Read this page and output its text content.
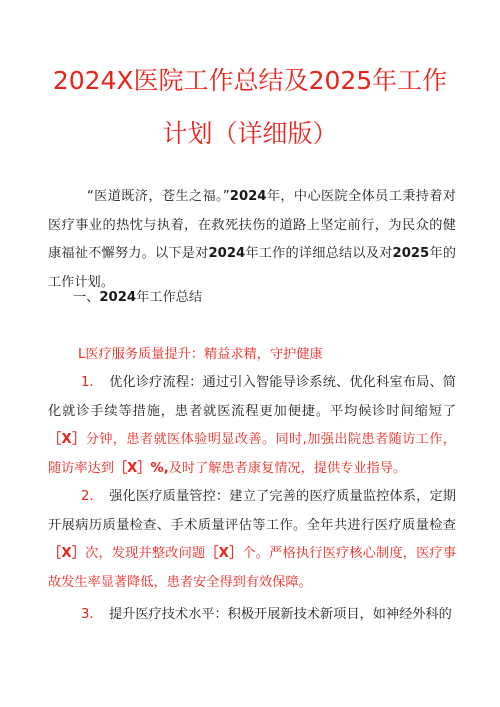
2024X医院工作总结及2025年工作
计划（详细版）
“医道既济，苍生之福。”2024年，中心医院全体员工秉持着对医疗事业的热忱与执着，在救死扶伤的道路上坚定前行，为民众的健康福祉不懈努力。以下是对2024年工作的详细总结以及对2025年的工作计划。
一、2024年工作总结
L医疗服务质量提升：精益求精，守护健康
1. 优化诊疗流程：通过引入智能导诊系统、优化科室布局、简化就诊手续等措施，患者就医流程更加便捷。平均候诊时间缩短了［X］分钟，患者就医体验明显改善。同时,加强出院患者随访工作，随访率达到［X］%,及时了解患者康复情况，提供专业指导。
2. 强化医疗质量管控：建立了完善的医疗质量监控体系，定期开展病历质量检查、手术质量评估等工作。全年共进行医疗质量检查［X］次，发现并整改问题［X］个。严格执行医疗核心制度，医疗事故发生率显著降低，患者安全得到有效保障。
3. 提升医疗技术水平：积极开展新技术新项目，如神经外科的
